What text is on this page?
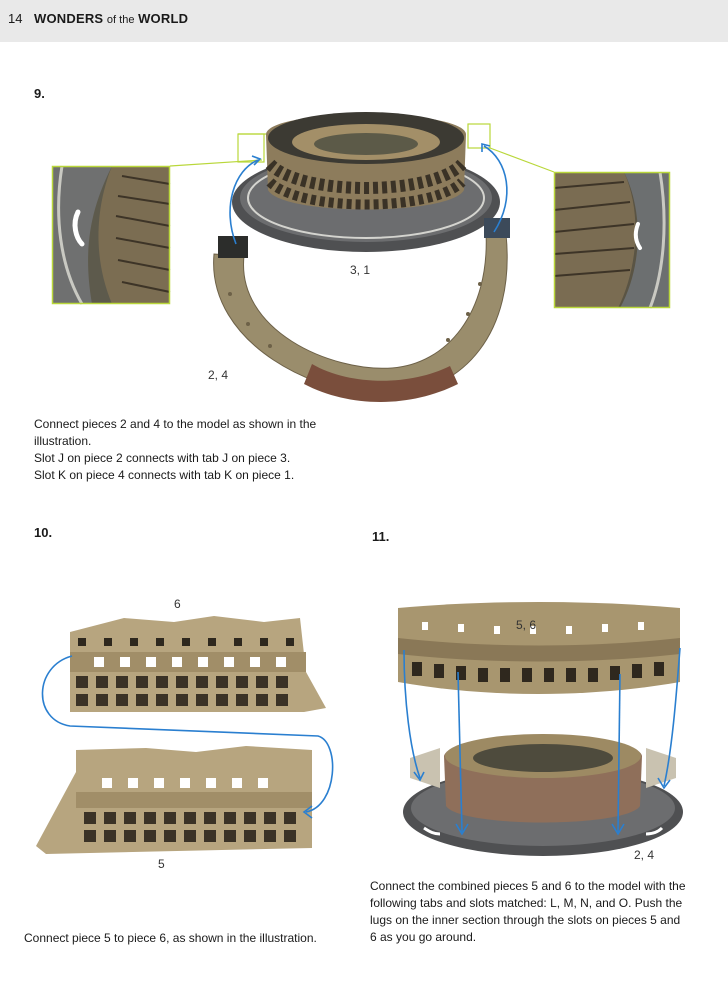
14 WONDERS of the WORLD
9.
3, 1
2, 4

Connect pieces 2 and 4 to the model as shown in the

illustration.

Slot J on piece 2 connects with tab J on piece 3.

Slot K on piece 4 connects with tab K on piece 1.

10.
6
5
Connect piece 5 to piece 6, as shown in the illustration.
11.
5, 6
2, 4

Connect the combined pieces 5 and 6 to the model with the

following tabs and slots matched: L, M, N, and O. Push the

lugs on the inner section through the slots on pieces 5 and

6 as you go around.
